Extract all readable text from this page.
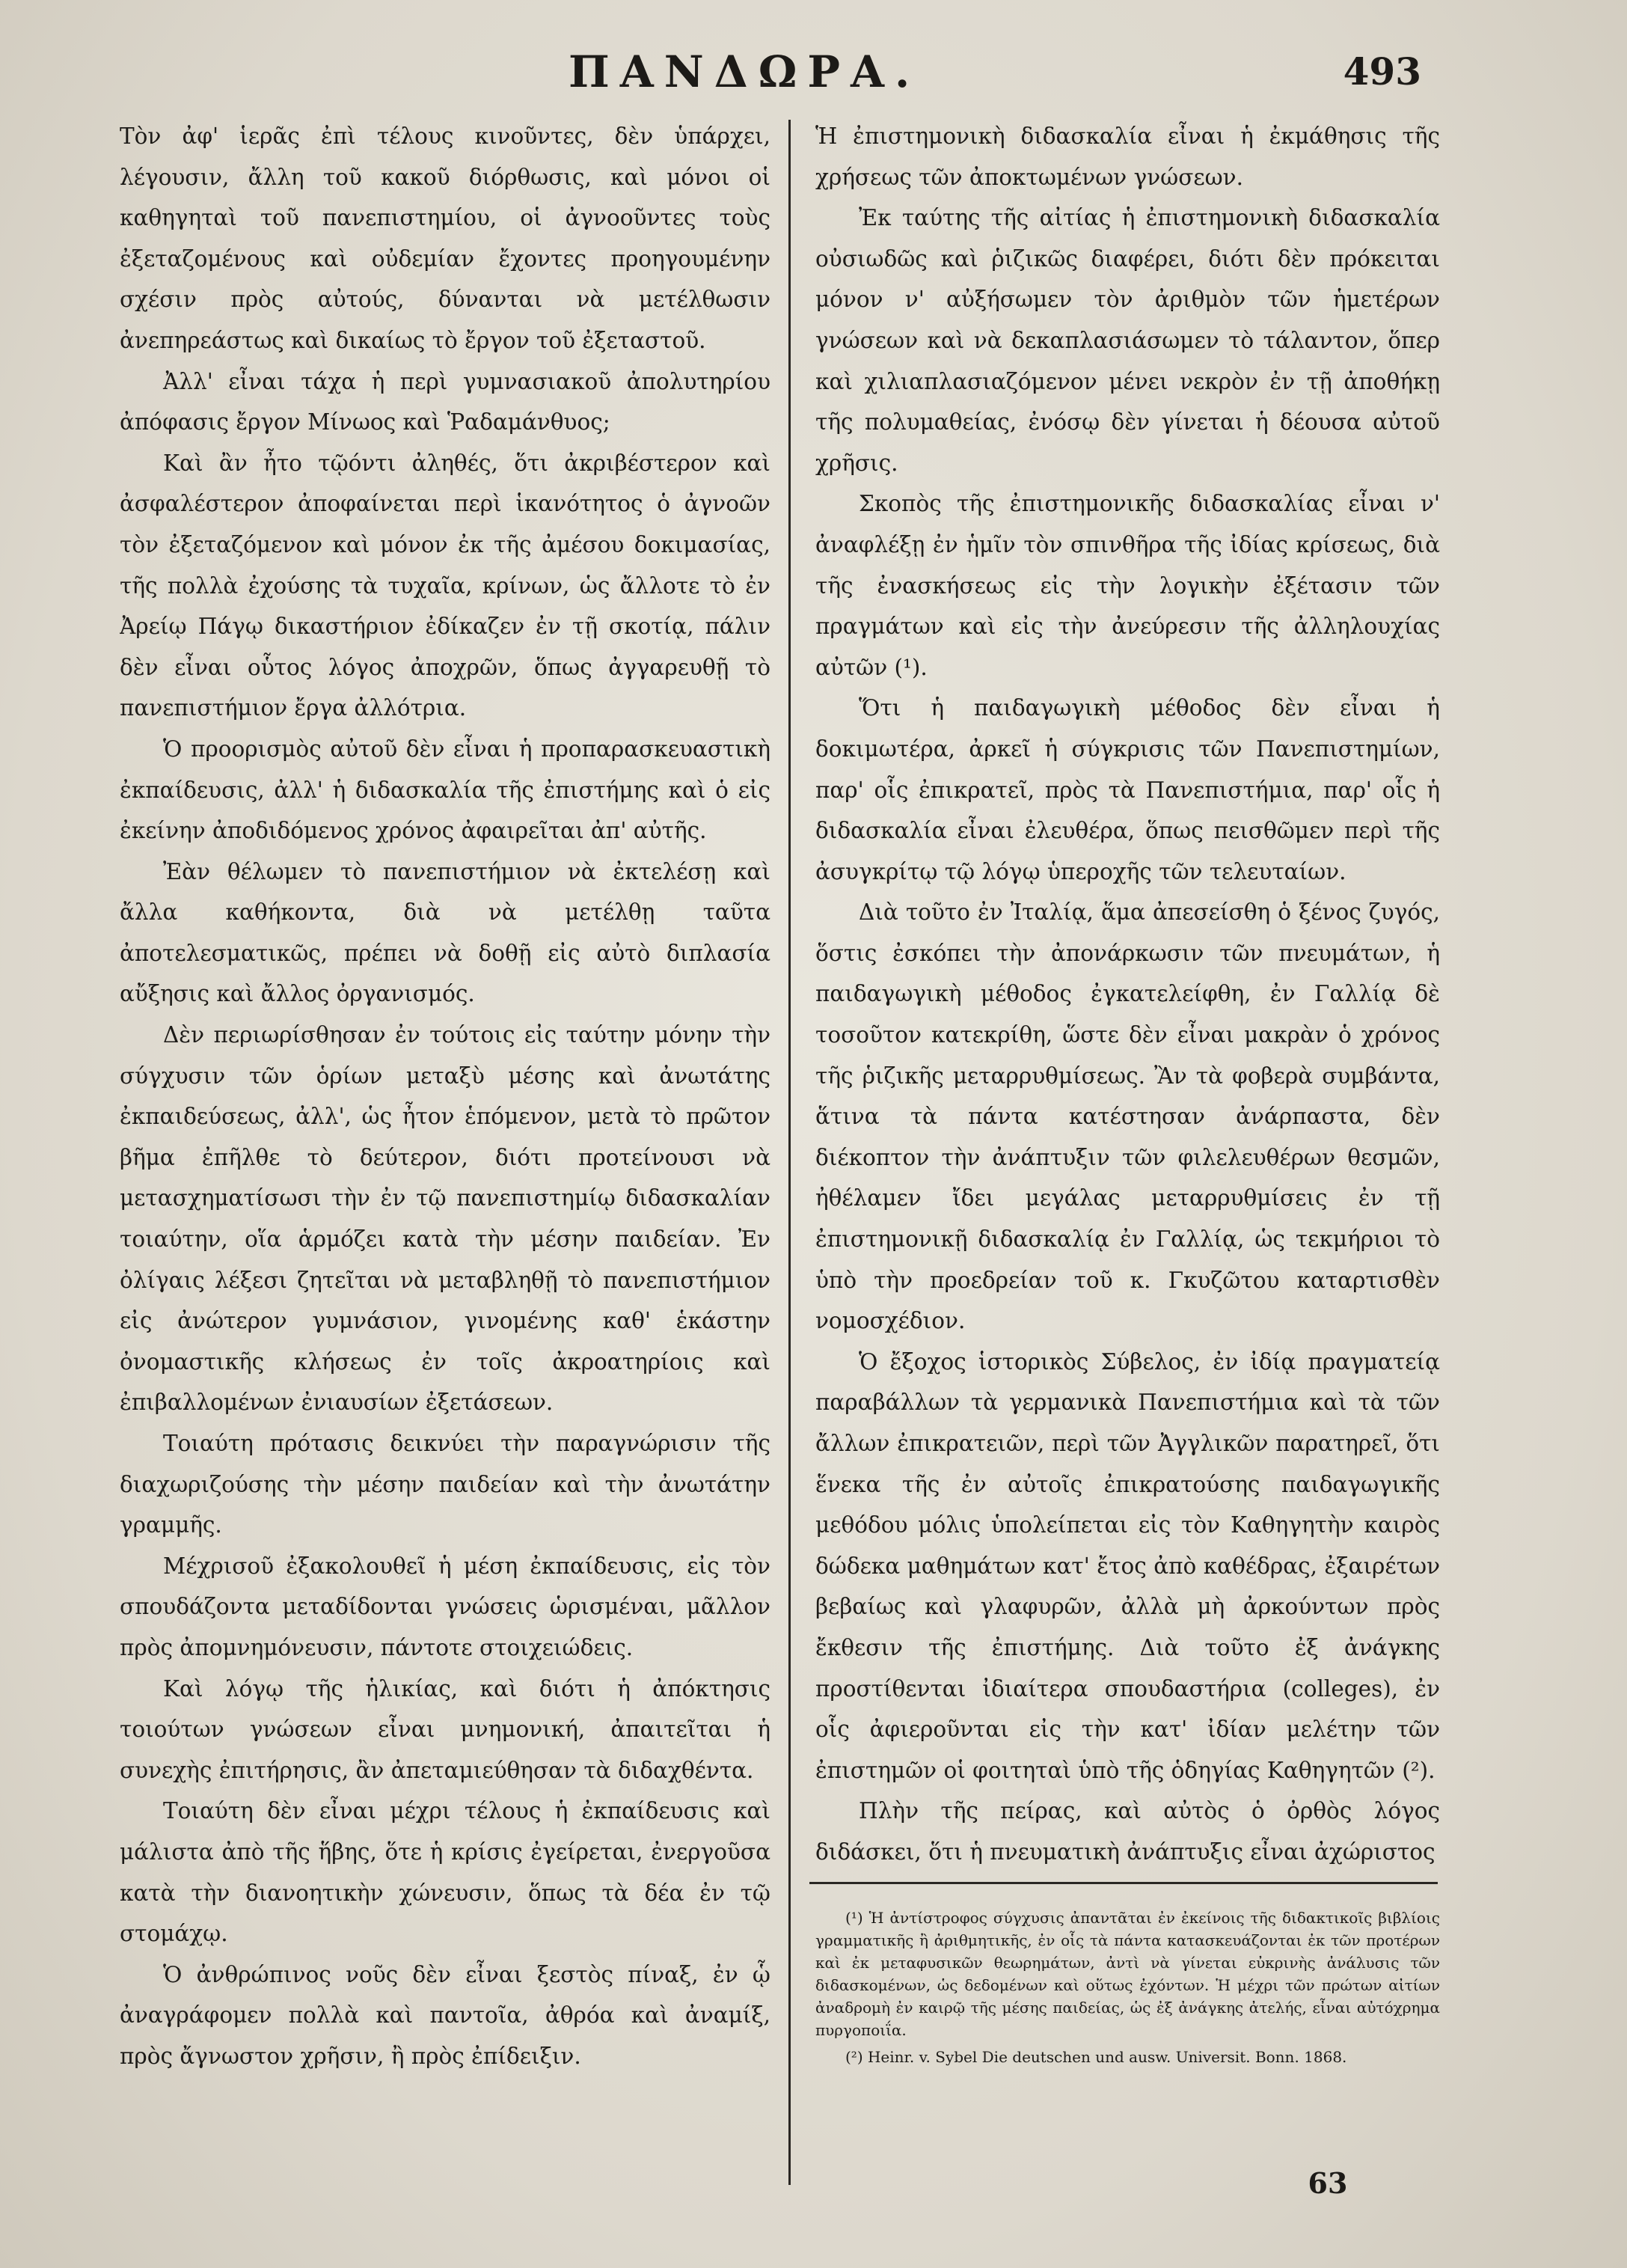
ΠΑΝΔΩΡΑ.	493

Τὸν ἀφ' ἱερᾶς ἐπὶ τέλους κινοῦντες, δὲν ὑπάρχει, λέγουσιν, ἄλλη τοῦ κακοῦ διόρθωσις, καὶ μόνοι οἱ καθηγηταὶ τοῦ πανεπιστημίου, οἱ ἀγνοοῦντες τοὺς ἐξεταζομένους καὶ οὐδεμίαν ἔχοντες προηγουμένην σχέσιν πρὸς αὐτούς, δύνανται νὰ μετέλθωσιν ἀνεπηρεάστως καὶ δικαίως τὸ ἔργον τοῦ ἐξεταστοῦ.

Ἀλλ' εἶναι τάχα ἡ περὶ γυμνασιακοῦ ἀπολυτηρίου ἀπόφασις ἔργον Μίνωος καὶ Ῥαδαμάνθυος;

Καὶ ἂν ἦτο τῷόντι ἀληθές, ὅτι ἀκριβέστερον καὶ ἀσφαλέστερον ἀποφαίνεται περὶ ἱκανότητος ὁ ἀγνοῶν τὸν ἐξεταζόμενον καὶ μόνον ἐκ τῆς ἀμέσου δοκιμασίας, τῆς πολλὰ ἐχούσης τὰ τυχαῖα, κρίνων, ὡς ἄλλοτε τὸ ἐν Ἀρείῳ Πάγῳ δικαστήριον ἐδίκαζεν ἐν τῇ σκοτίᾳ, πάλιν δὲν εἶναι οὗτος λόγος ἀποχρῶν, ὅπως ἀγγαρευθῇ τὸ πανεπιστήμιον ἔργα ἀλλότρια.

Ὁ προορισμὸς αὐτοῦ δὲν εἶναι ἡ προπαρασκευαστικὴ ἐκπαίδευσις, ἀλλ' ἡ διδασκαλία τῆς ἐπιστήμης καὶ ὁ εἰς ἐκείνην ἀποδιδόμενος χρόνος ἀφαιρεῖται ἀπ' αὐτῆς.

Ἐὰν θέλωμεν τὸ πανεπιστήμιον νὰ ἐκτελέσῃ καὶ ἄλλα καθήκοντα, διὰ νὰ μετέλθῃ ταῦτα ἀποτελεσματικῶς, πρέπει νὰ δοθῇ εἰς αὐτὸ διπλασία αὔξησις καὶ ἄλλος ὀργανισμός.

Δὲν περιωρίσθησαν ἐν τούτοις εἰς ταύτην μόνην τὴν σύγχυσιν τῶν ὁρίων μεταξὺ μέσης καὶ ἀνωτάτης ἐκπαιδεύσεως, ἀλλ', ὡς ἦτον ἑπόμενον, μετὰ τὸ πρῶτον βῆμα ἐπῆλθε τὸ δεύτερον, διότι προτείνουσι νὰ μετασχηματίσωσι τὴν ἐν τῷ πανεπιστημίῳ διδασκαλίαν τοιαύτην, οἵα ἁρμόζει κατὰ τὴν μέσην παιδείαν. Ἐν ὀλίγαις λέξεσι ζητεῖται νὰ μεταβληθῇ τὸ πανεπιστήμιον εἰς ἀνώτερον γυμνάσιον, γινομένης καθ' ἑκάστην ὀνομαστικῆς κλήσεως ἐν τοῖς ἀκροατηρίοις καὶ ἐπιβαλλομένων ἐνιαυσίων ἐξετάσεων.

Τοιαύτη πρότασις δεικνύει τὴν παραγνώρισιν τῆς διαχωριζούσης τὴν μέσην παιδείαν καὶ τὴν ἀνωτάτην γραμμῆς.

Μέχρισοῦ ἐξακολουθεῖ ἡ μέση ἐκπαίδευσις, εἰς τὸν σπουδάζοντα μεταδίδονται γνώσεις ὡρισμέναι, μᾶλλον πρὸς ἀπομνημόνευσιν, πάντοτε στοιχειώδεις.

Καὶ λόγῳ τῆς ἡλικίας, καὶ διότι ἡ ἀπόκτησις τοιούτων γνώσεων εἶναι μνημονική, ἀπαιτεῖται ἡ συνεχὴς ἐπιτήρησις, ἂν ἀπεταμιεύθησαν τὰ διδαχθέντα.

Τοιαύτη δὲν εἶναι μέχρι τέλους ἡ ἐκπαίδευσις καὶ μάλιστα ἀπὸ τῆς ἥβης, ὅτε ἡ κρίσις ἐγείρεται, ἐνεργοῦσα κατὰ τὴν διανοητικὴν χώνευσιν, ὅπως τὰ δέα ἐν τῷ στομάχῳ.

Ὁ ἀνθρώπινος νοῦς δὲν εἶναι ξεστὸς πίναξ, ἐν ᾧ ἀναγράφομεν πολλὰ καὶ παντοῖα, ἀθρόα καὶ ἀναμίξ, πρὸς ἄγνωστον χρῆσιν, ἢ πρὸς ἐπίδειξιν.

Ἡ ἐπιστημονικὴ διδασκαλία εἶναι ἡ ἐκμάθησις τῆς χρήσεως τῶν ἀποκτωμένων γνώσεων.

Ἐκ ταύτης τῆς αἰτίας ἡ ἐπιστημονικὴ διδασκαλία οὐσιωδῶς καὶ ῥιζικῶς διαφέρει, διότι δὲν πρόκειται μόνον ν' αὐξήσωμεν τὸν ἀριθμὸν τῶν ἡμετέρων γνώσεων καὶ νὰ δεκαπλασιάσωμεν τὸ τάλαντον, ὅπερ καὶ χιλιαπλασιαζόμενον μένει νεκρὸν ἐν τῇ ἀποθήκῃ τῆς πολυμαθείας, ἐνόσῳ δὲν γίνεται ἡ δέουσα αὐτοῦ χρῆσις.

Σκοπὸς τῆς ἐπιστημονικῆς διδασκαλίας εἶναι ν' ἀναφλέξῃ ἐν ἡμῖν τὸν σπινθῆρα τῆς ἰδίας κρίσεως, διὰ τῆς ἐνασκήσεως εἰς τὴν λογικὴν ἐξέτασιν τῶν πραγμάτων καὶ εἰς τὴν ἀνεύρεσιν τῆς ἀλληλουχίας αὐτῶν (¹).

Ὅτι ἡ παιδαγωγικὴ μέθοδος δὲν εἶναι ἡ δοκιμωτέρα, ἀρκεῖ ἡ σύγκρισις τῶν Πανεπιστημίων, παρ' οἷς ἐπικρατεῖ, πρὸς τὰ Πανεπιστήμια, παρ' οἷς ἡ διδασκαλία εἶναι ἐλευθέρα, ὅπως πεισθῶμεν περὶ τῆς ἀσυγκρίτῳ τῷ λόγῳ ὑπεροχῆς τῶν τελευταίων.

Διὰ τοῦτο ἐν Ἰταλίᾳ, ἅμα ἀπεσείσθη ὁ ξένος ζυγός, ὅστις ἐσκόπει τὴν ἀπονάρκωσιν τῶν πνευμάτων, ἡ παιδαγωγικὴ μέθοδος ἐγκατελείφθη, ἐν Γαλλίᾳ δὲ τοσοῦτον κατεκρίθη, ὥστε δὲν εἶναι μακρὰν ὁ χρόνος τῆς ῥιζικῆς μεταρρυθμίσεως. Ἂν τὰ φοβερὰ συμβάντα, ἅτινα τὰ πάντα κατέστησαν ἀνάρπαστα, δὲν διέκοπτον τὴν ἀνάπτυξιν τῶν φιλελευθέρων θεσμῶν, ἠθέλαμεν ἴδει μεγάλας μεταρρυθμίσεις ἐν τῇ ἐπιστημονικῇ διδασκαλίᾳ ἐν Γαλλίᾳ, ὡς τεκμήριοι τὸ ὑπὸ τὴν προεδρείαν τοῦ κ. Γκυζῶτου καταρτισθὲν νομοσχέδιον.

Ὁ ἔξοχος ἱστορικὸς Σύβελος, ἐν ἰδίᾳ πραγματείᾳ παραβάλλων τὰ γερμανικὰ Πανεπιστήμια καὶ τὰ τῶν ἄλλων ἐπικρατειῶν, περὶ τῶν Ἀγγλικῶν παρατηρεῖ, ὅτι ἕνεκα τῆς ἐν αὐτοῖς ἐπικρατούσης παιδαγωγικῆς μεθόδου μόλις ὑπολείπεται εἰς τὸν Καθηγητὴν καιρὸς δώδεκα μαθημάτων κατ' ἔτος ἀπὸ καθέδρας, ἐξαιρέτων βεβαίως καὶ γλαφυρῶν, ἀλλὰ μὴ ἀρκούντων πρὸς ἔκθεσιν τῆς ἐπιστήμης. Διὰ τοῦτο ἐξ ἀνάγκης προστίθενται ἰδιαίτερα σπουδαστήρια (colleges), ἐν οἷς ἀφιεροῦνται εἰς τὴν κατ' ἰδίαν μελέτην τῶν ἐπιστημῶν οἱ φοιτηταὶ ὑπὸ τῆς ὁδηγίας Καθηγητῶν (²).

Πλὴν τῆς πείρας, καὶ αὐτὸς ὁ ὀρθὸς λόγος διδάσκει, ὅτι ἡ πνευματικὴ ἀνάπτυξις εἶναι ἀχώριστος

(¹) Ἡ ἀντίστροφος σύγχυσις ἀπαντᾶται ἐν ἐκείνοις τῆς διδακτικοῖς βιβλίοις γραμματικῆς ἢ ἀριθμητικῆς, ἐν οἷς τὰ πάντα κατασκευάζονται ἐκ τῶν προτέρων καὶ ἐκ μεταφυσικῶν θεωρημάτων, ἀντὶ νὰ γίνεται εὐκρινὴς ἀνάλυσις τῶν διδασκομένων, ὡς δεδομένων καὶ οὕτως ἐχόντων. Ἡ μέχρι τῶν πρώτων αἰτίων ἀναδρομὴ ἐν καιρῷ τῆς μέσης παιδείας, ὡς ἐξ ἀνάγκης ἀτελής, εἶναι αὐτόχρημα πυργοποιΐα.

(²) Heinr. v. Sybel Die deutschen und ausw. Universit. Bonn. 1868.

63
